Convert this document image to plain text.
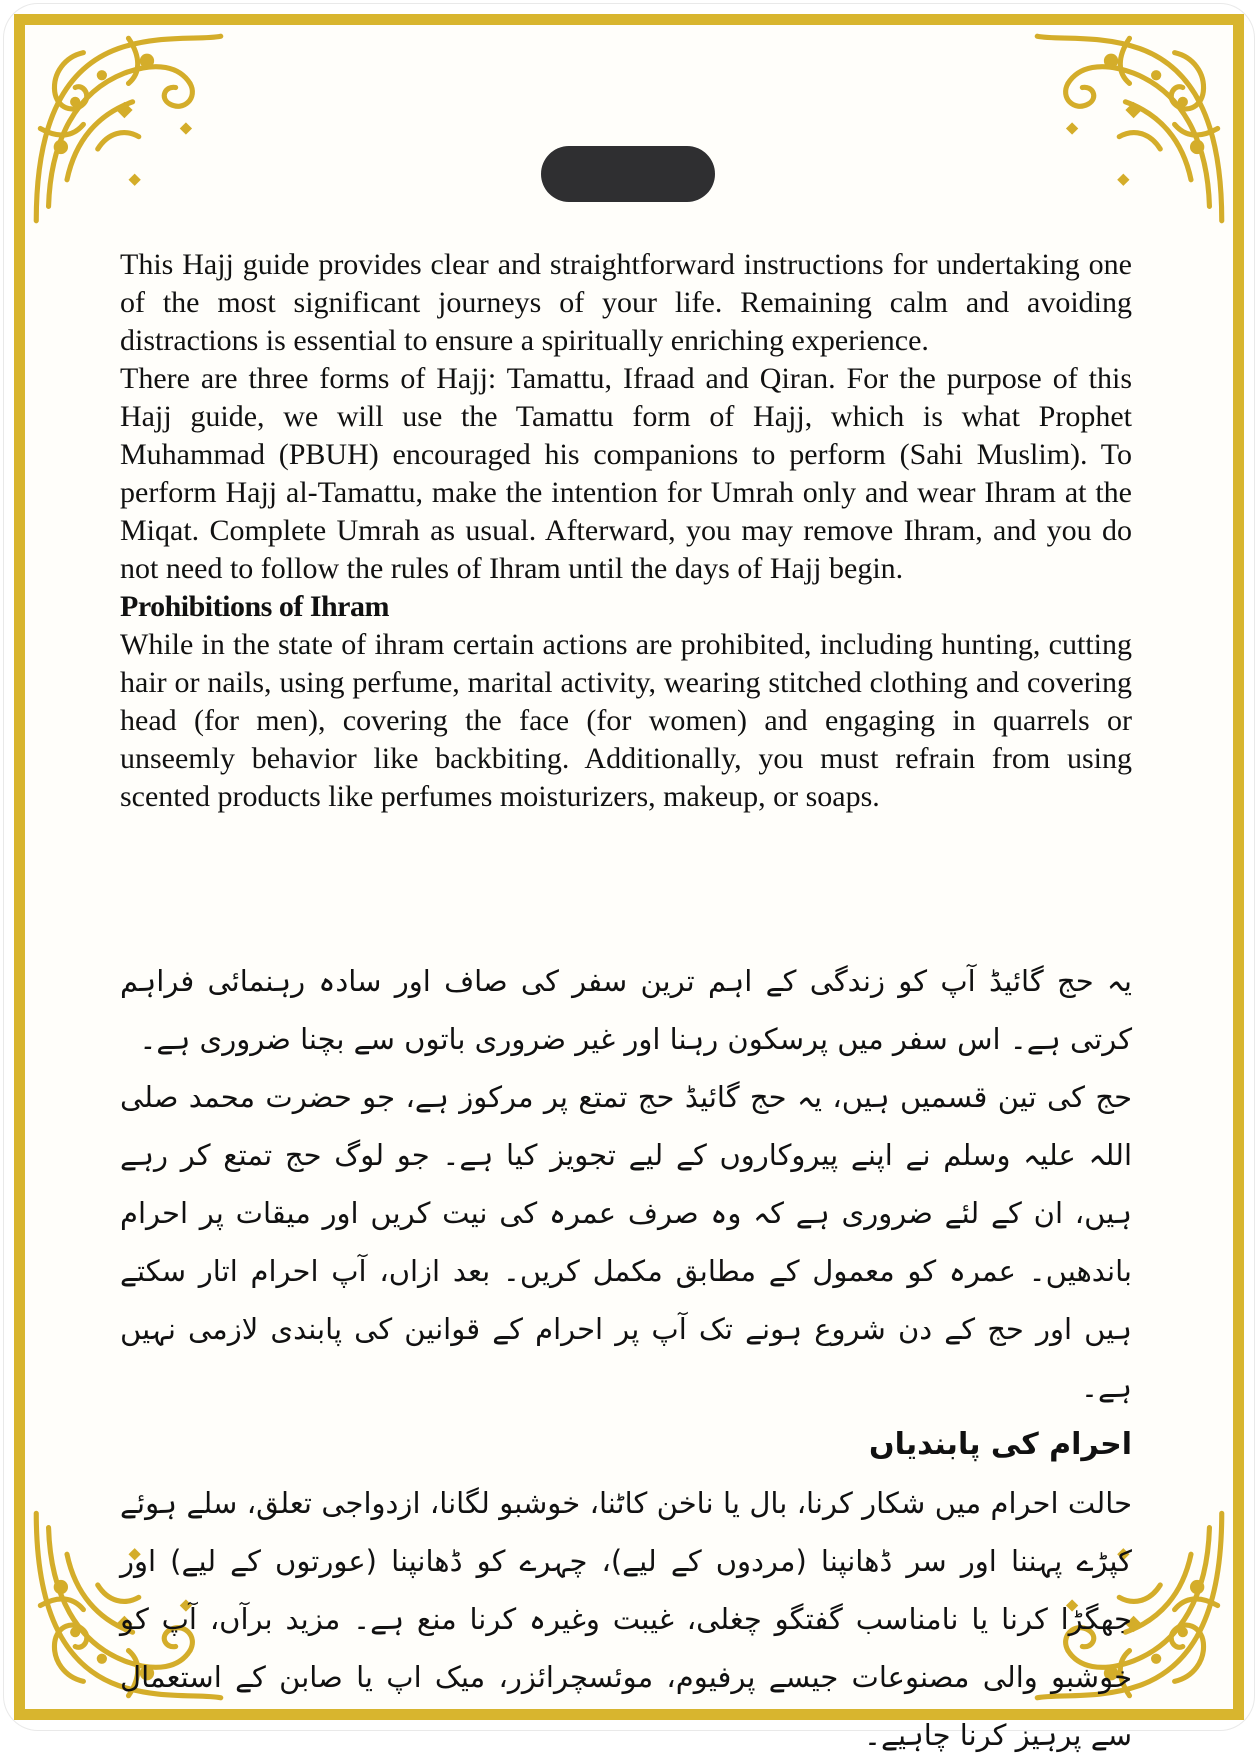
This Hajj guide provides clear and straightforward instructions for undertaking one of the most significant journeys of your life. Remaining calm and avoiding distractions is essential to ensure a spiritually enriching experience.

There are three forms of Hajj: Tamattu, Ifraad and Qiran. For the purpose of this Hajj guide, we will use the Tamattu form of Hajj, which is what Prophet Muhammad (PBUH) encouraged his companions to perform (Sahi Muslim). To perform Hajj al-Tamattu, make the intention for Umrah only and wear Ihram at the Miqat. Complete Umrah as usual. Afterward, you may remove Ihram, and you do not need to follow the rules of Ihram until the days of Hajj begin.

Prohibitions of Ihram

While in the state of ihram certain actions are prohibited, including hunting, cutting hair or nails, using perfume, marital activity, wearing stitched clothing and covering head (for men), covering the face (for women) and engaging in quarrels or unseemly behavior like backbiting. Additionally, you must refrain from using scented products like perfumes moisturizers, makeup, or soaps.

یہ حج گائیڈ آپ کو زندگی کے اہم ترین سفر کی صاف اور سادہ رہنمائی فراہم کرتی ہے۔ اس سفر میں پرسکون رہنا اور غیر ضروری باتوں سے بچنا ضروری ہے۔

حج کی تین قسمیں ہیں، یہ حج گائیڈ حج تمتع پر مرکوز ہے، جو حضرت محمد صلی اللہ علیہ وسلم نے اپنے پیروکاروں کے لیے تجویز کیا ہے۔ جو لوگ حج تمتع کر رہے ہیں، ان کے لئے ضروری ہے کہ وہ صرف عمرہ کی نیت کریں اور میقات پر احرام باندھیں۔ عمرہ کو معمول کے مطابق مکمل کریں۔ بعد ازاں، آپ احرام اتار سکتے ہیں اور حج کے دن شروع ہونے تک آپ پر احرام کے قوانین کی پابندی لازمی نہیں ہے۔

احرام کی پابندیاں

حالت احرام میں شکار کرنا، بال یا ناخن کاٹنا، خوشبو لگانا، ازدواجی تعلق، سلے ہوئے کپڑے پہننا اور سر ڈھانپنا (مردوں کے لیے)، چہرے کو ڈھانپنا (عورتوں کے لیے) اور جھگڑا کرنا یا نامناسب گفتگو چغلی، غیبت وغیرہ کرنا منع ہے۔ مزید برآں، آپ کو خوشبو والی مصنوعات جیسے پرفیوم، موئسچرائزر، میک اپ یا صابن کے استعمال سے پرہیز کرنا چاہیے۔
